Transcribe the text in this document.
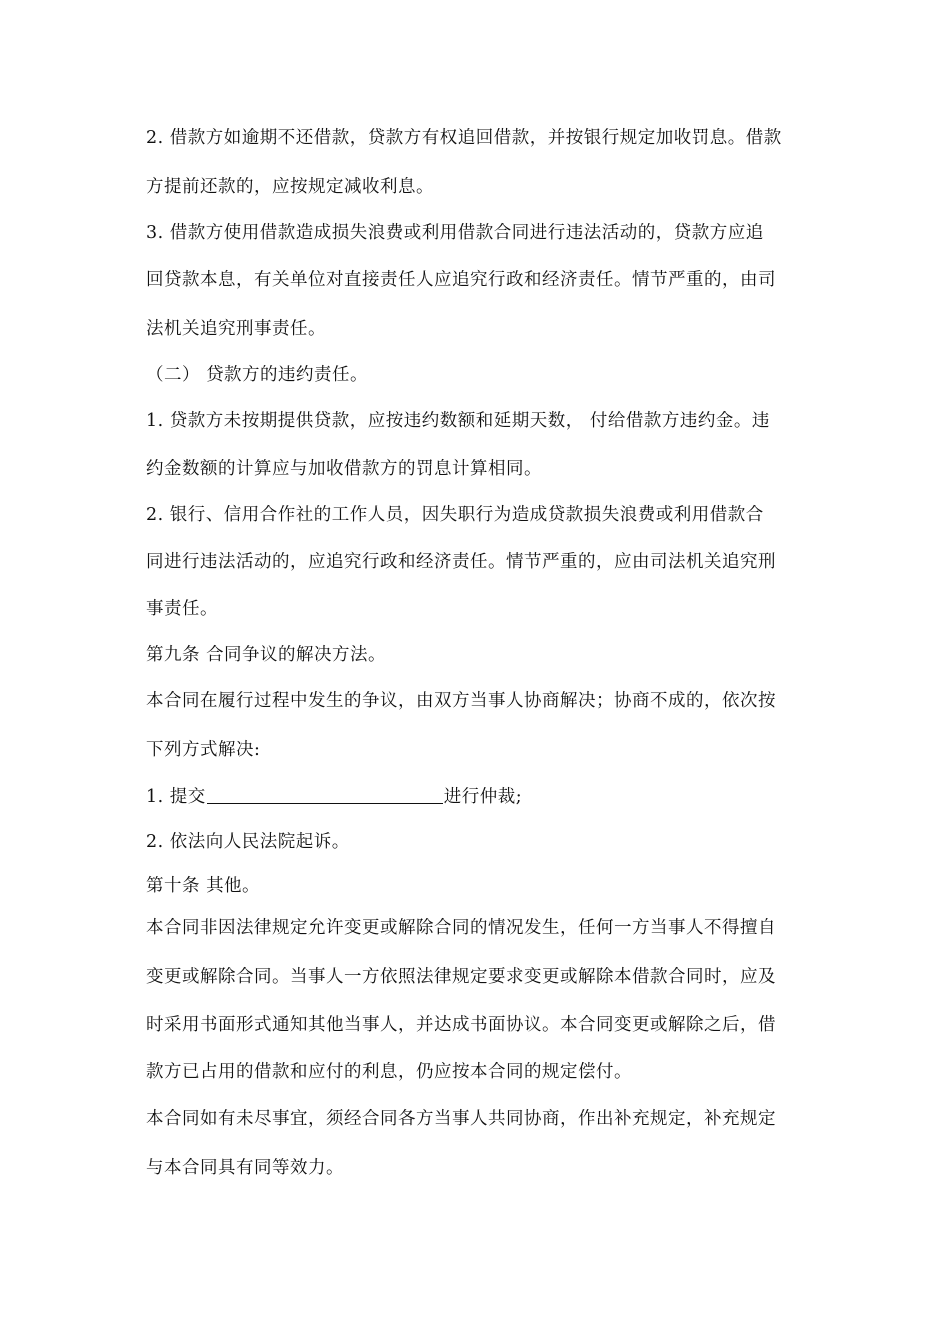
2. 借款方如逾期不还借款，贷款方有权追回借款，并按银行规定加收罚息。借款
方提前还款的，应按规定减收利息。
3. 借款方使用借款造成损失浪费或利用借款合同进行违法活动的，贷款方应追
回贷款本息，有关单位对直接责任人应追究行政和经济责任。情节严重的，由司
法机关追究刑事责任。
（二） 贷款方的违约责任。
1. 贷款方未按期提供贷款，应按违约数额和延期天数， 付给借款方违约金。违
约金数额的计算应与加收借款方的罚息计算相同。
2. 银行、信用合作社的工作人员，因失职行为造成贷款损失浪费或利用借款合
同进行违法活动的，应追究行政和经济责任。情节严重的，应由司法机关追究刑
事责任。
第九条 合同争议的解决方法。
本合同在履行过程中发生的争议，由双方当事人协商解决；协商不成的，依次按
下列方式解决:
1. 提交	进行仲裁;
2. 依法向人民法院起诉。
第十条 其他。
本合同非因法律规定允许变更或解除合同的情况发生，任何一方当事人不得擅自
变更或解除合同。当事人一方依照法律规定要求变更或解除本借款合同时，应及
时采用书面形式通知其他当事人，并达成书面协议。本合同变更或解除之后，借
款方已占用的借款和应付的利息，仍应按本合同的规定偿付。
本合同如有未尽事宜，须经合同各方当事人共同协商，作出补充规定，补充规定
与本合同具有同等效力。
